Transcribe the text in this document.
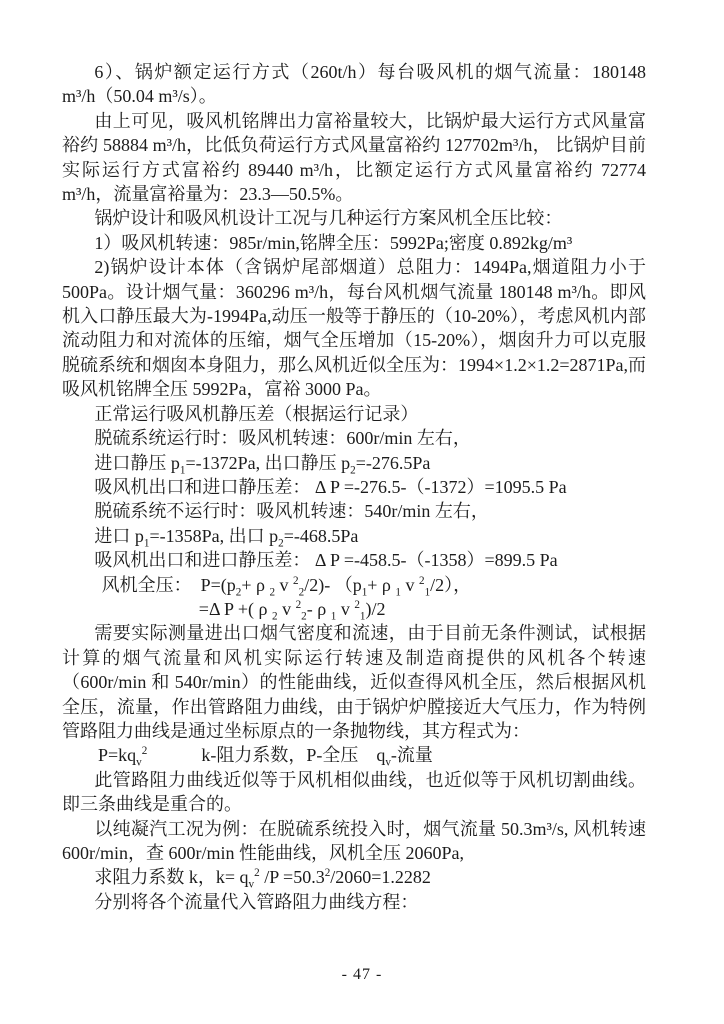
6）、锅炉额定运行方式（260t/h）每台吸风机的烟气流量：180148 m³/h（50.04 m³/s）。

由上可见，吸风机铭牌出力富裕量较大，比锅炉最大运行方式风量富裕约 58884 m³/h，比低负荷运行方式风量富裕约 127702m³/h， 比锅炉目前实际运行方式富裕约 89440 m³/h，比额定运行方式风量富裕约 72774 m³/h，流量富裕量为：23.3—50.5%。

锅炉设计和吸风机设计工况与几种运行方案风机全压比较：

1）吸风机转速：985r/min,铭牌全压：5992Pa;密度 0.892kg/m³

2)锅炉设计本体（含锅炉尾部烟道）总阻力：1494Pa,烟道阻力小于500Pa。设计烟气量：360296 m³/h，每台风机烟气流量 180148 m³/h。即风机入口静压最大为-1994Pa,动压一般等于静压的（10-20%），考虑风机内部流动阻力和对流体的压缩，烟气全压增加（15-20%），烟囱升力可以克服脱硫系统和烟囱本身阻力，那么风机近似全压为：1994×1.2×1.2=2871Pa,而吸风机铭牌全压 5992Pa，富裕 3000 Pa。

正常运行吸风机静压差（根据运行记录）

脱硫系统运行时：吸风机转速：600r/min 左右，

进口静压 $p_1=-1372Pa$, 出口静压 $p_2=-276.5Pa$

吸风机出口和进口静压差： Δ P =-276.5-（-1372）=1095.5 Pa

脱硫系统不运行时：吸风机转速：540r/min 左右，

进口 $p_1=-1358Pa$, 出口 $p_2=-468.5Pa$

吸风机出口和进口静压差： Δ P =-458.5-（-1358）=899.5 Pa

风机全压：　$P=(p_2+ \rho$ $_2$ v $^2_2$/2)- （$p_1+ \rho$ $_1$ v $^2_1$/2），

=Δ P +( ρ $_2$ v $^2_2$- ρ $_1$ v $^2_1$)/2

需要实际测量进出口烟气密度和流速，由于目前无条件测试，试根据计算的烟气流量和风机实际运行转速及制造商提供的风机各个转速（600r/min 和 540r/min）的性能曲线，近似查得风机全压，然后根据风机全压，流量，作出管路阻力曲线，由于锅炉炉膛接近大气压力，作为特例管路阻力曲线是通过坐标原点的一条抛物线，其方程式为：

$P=kq_v^2$　　　k-阻力系数，P-全压　$q_v-$流量

此管路阻力曲线近似等于风机相似曲线，也近似等于风机切割曲线。即三条曲线是重合的。

以纯凝汽工况为例：在脱硫系统投入时，烟气流量 50.3m³/s, 风机转速 600r/min，查 600r/min 性能曲线，风机全压 2060Pa,

求阻力系数 k，$k= q_v^2$ $/P =50.3^2/2060=1.2282$

分别将各个流量代入管路阻力曲线方程：

- 47 -
